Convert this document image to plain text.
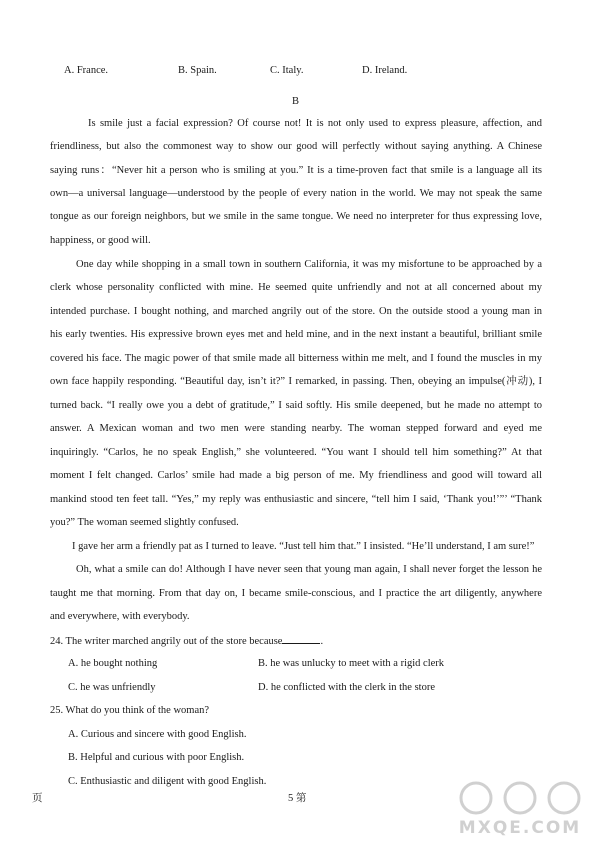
A. France.	B. Spain.	C. Italy.	D. Ireland.
B
Is smile just a facial expression? Of course not! It is not only used to express pleasure, affection, and
friendliness, but also the commonest way to show our good will perfectly without saying anything. A Chinese
saying runs：“Never hit a person who is smiling at you.” It is a time-proven fact that smile is a language all its
own—a universal language—understood by the people of every nation in the world. We may not speak the same
tongue as our foreign neighbors, but we smile in the same tongue. We need no interpreter for thus expressing love,
happiness, or good will.
One day while shopping in a small town in southern California, it was my misfortune to be approached by a
clerk whose personality conflicted with mine. He seemed quite unfriendly and not at all concerned about my
intended purchase. I bought nothing, and marched angrily out of the store. On the outside stood a young man in
his early twenties. His expressive brown eyes met and held mine, and in the next instant a beautiful, brilliant smile
covered his face. The magic power of that smile made all bitterness within me melt, and I found the muscles in my
own face happily responding. “Beautiful day, isn’t it?” I remarked, in passing. Then, obeying an impulse(冲动), I
turned back. “I really owe you a debt of gratitude,” I said softly. His smile deepened, but he made no attempt to
answer. A Mexican woman and two men were standing nearby. The woman stepped forward and eyed me
inquiringly. “Carlos, he no speak English,” she volunteered. “You want I should tell him something?” At that
moment I felt changed. Carlos’ smile had made a big person of me. My friendliness and good will toward all
mankind stood ten feet tall. “Yes,” my reply was enthusiastic and sincere, “tell him I said, ‘Thank you!’”’ “Thank
you?” The woman seemed slightly confused.
I gave her arm a friendly pat as I turned to leave. “Just tell him that.” I insisted. “He’ll understand, I am sure!”
Oh, what a smile can do! Although I have never seen that young man again, I shall never forget the lesson he
taught me that morning. From that day on, I became smile-conscious, and I practice the art diligently, anywhere
and everywhere, with everybody.
24. The writer marched angrily out of the store because	.
A. he bought nothing	B. he was unlucky to meet with a rigid clerk
C. he was unfriendly	D. he conflicted with the clerk in the store
25. What do you think of the woman?
A. Curious and sincere with good English.
B. Helpful and curious with poor English.
C. Enthusiastic and diligent with good English.
页	5 第
MXQE.COM
